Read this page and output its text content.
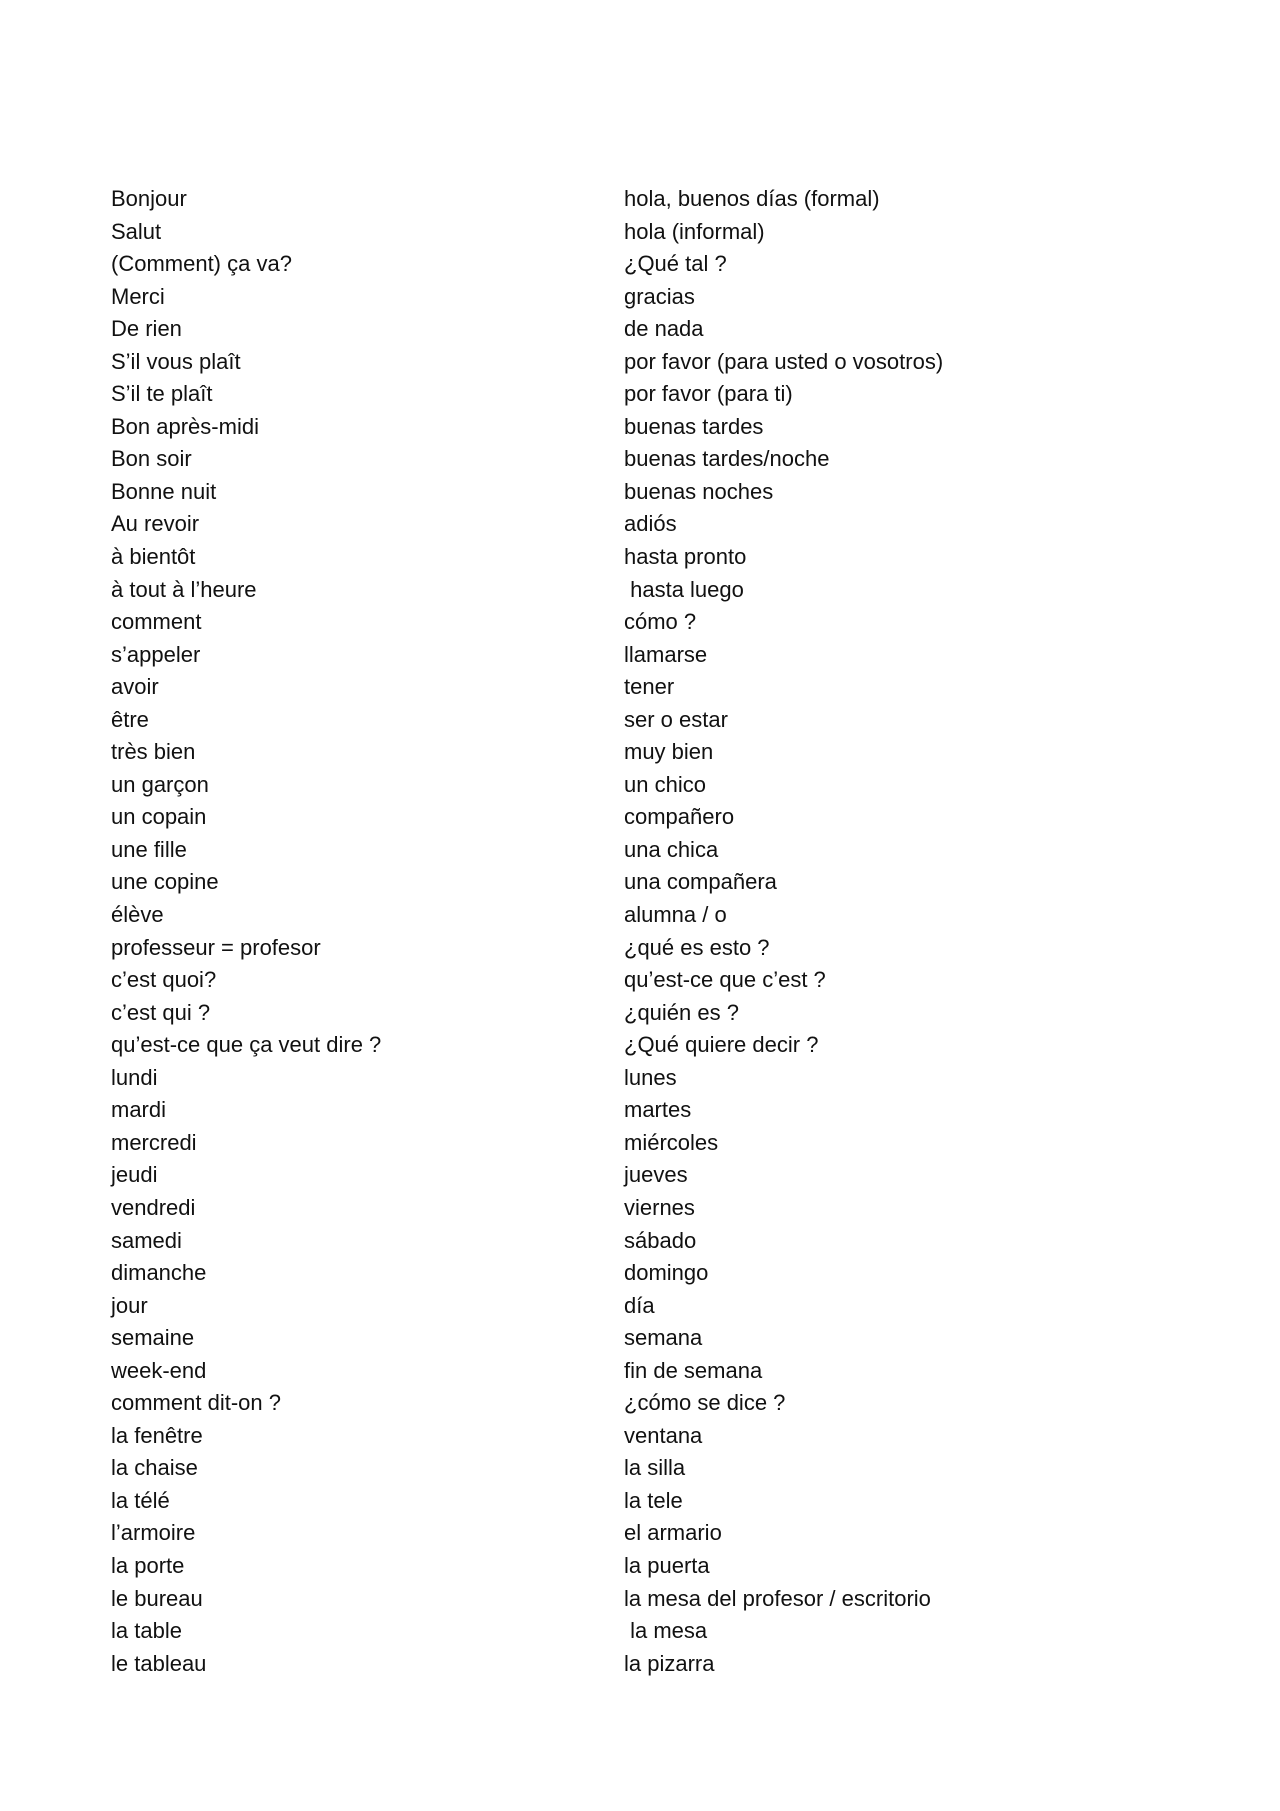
Bonjour	hola, buenos días (formal)
Salut	hola (informal)
(Comment) ça va?	¿Qué tal ?
Merci	gracias
De rien	de nada
S’il vous plaît	por favor (para usted o vosotros)
S’il te plaît	por favor (para ti)
Bon après-midi	buenas tardes
Bon soir	buenas tardes/noche
Bonne nuit	buenas noches
Au revoir	adiós
à bientôt	hasta pronto
à tout à l’heure	hasta luego
comment	cómo ?
s’appeler	llamarse
avoir	tener
être	ser o estar
très bien	muy bien
un garçon	un chico
un copain	compañero
une fille	una chica
une copine	una compañera
élève	alumna / o
professeur = profesor	¿qué es esto ?
c’est quoi?	qu’est-ce que c’est ?
c’est qui ?	¿quién es ?
qu’est-ce que ça veut dire ?	¿Qué quiere decir ?
lundi	lunes
mardi	martes
mercredi	miércoles
jeudi	jueves
vendredi	viernes
samedi	sábado
dimanche	domingo
jour	día
semaine	semana
week-end	fin de semana
comment dit-on ?	¿cómo se dice ?
la fenêtre	ventana
la chaise	la silla
la télé	la tele
l’armoire	el armario
la porte	la puerta
le bureau	la mesa del profesor / escritorio
la table	la mesa
le tableau	la pizarra
